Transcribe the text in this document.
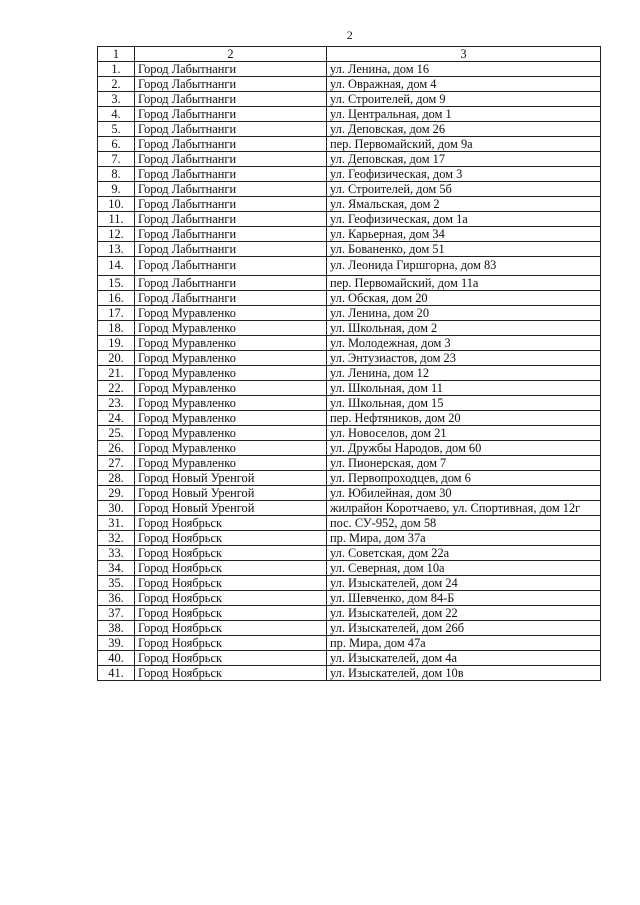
2
1	2	3
1.	Город Лабытнанги	ул. Ленина, дом 16
2.	Город Лабытнанги	ул. Овражная, дом 4
3.	Город Лабытнанги	ул. Строителей, дом 9
4.	Город Лабытнанги	ул. Центральная, дом 1
5.	Город Лабытнанги	ул. Деповская, дом 26
6.	Город Лабытнанги	пер. Первомайский, дом 9а
7.	Город Лабытнанги	ул. Деповская, дом 17
8.	Город Лабытнанги	ул. Геофизическая, дом 3
9.	Город Лабытнанги	ул. Строителей, дом 5б
10.	Город Лабытнанги	ул. Ямальская, дом 2
11.	Город Лабытнанги	ул. Геофизическая, дом 1а
12.	Город Лабытнанги	ул. Карьерная, дом 34
13.	Город Лабытнанги	ул. Бованенко, дом 51
14.	Город Лабытнанги	ул. Леонида Гиршгорна, дом 83
15.	Город Лабытнанги	пер. Первомайский, дом 11а
16.	Город Лабытнанги	ул. Обская, дом 20
17.	Город Муравленко	ул. Ленина, дом 20
18.	Город Муравленко	ул. Школьная, дом 2
19.	Город Муравленко	ул. Молодежная, дом 3
20.	Город Муравленко	ул. Энтузиастов, дом 23
21.	Город Муравленко	ул. Ленина, дом 12
22.	Город Муравленко	ул. Школьная, дом 11
23.	Город Муравленко	ул. Школьная, дом 15
24.	Город Муравленко	пер. Нефтяников, дом 20
25.	Город Муравленко	ул. Новоселов, дом 21
26.	Город Муравленко	ул. Дружбы Народов, дом 60
27.	Город Муравленко	ул. Пионерская, дом 7
28.	Город Новый Уренгой	ул. Первопроходцев, дом 6
29.	Город Новый Уренгой	ул. Юбилейная, дом 30
30.	Город Новый Уренгой	жилрайон Коротчаево, ул. Спортивная, дом 12г
31.	Город Ноябрьск	пос. СУ-952, дом 58
32.	Город Ноябрьск	пр. Мира, дом 37а
33.	Город Ноябрьск	ул. Советская, дом 22а
34.	Город Ноябрьск	ул. Северная, дом 10а
35.	Город Ноябрьск	ул. Изыскателей, дом 24
36.	Город Ноябрьск	ул. Шевченко, дом 84-Б
37.	Город Ноябрьск	ул. Изыскателей, дом 22
38.	Город Ноябрьск	ул. Изыскателей, дом 26б
39.	Город Ноябрьск	пр. Мира, дом 47а
40.	Город Ноябрьск	ул. Изыскателей, дом 4а
41.	Город Ноябрьск	ул. Изыскателей, дом 10в
